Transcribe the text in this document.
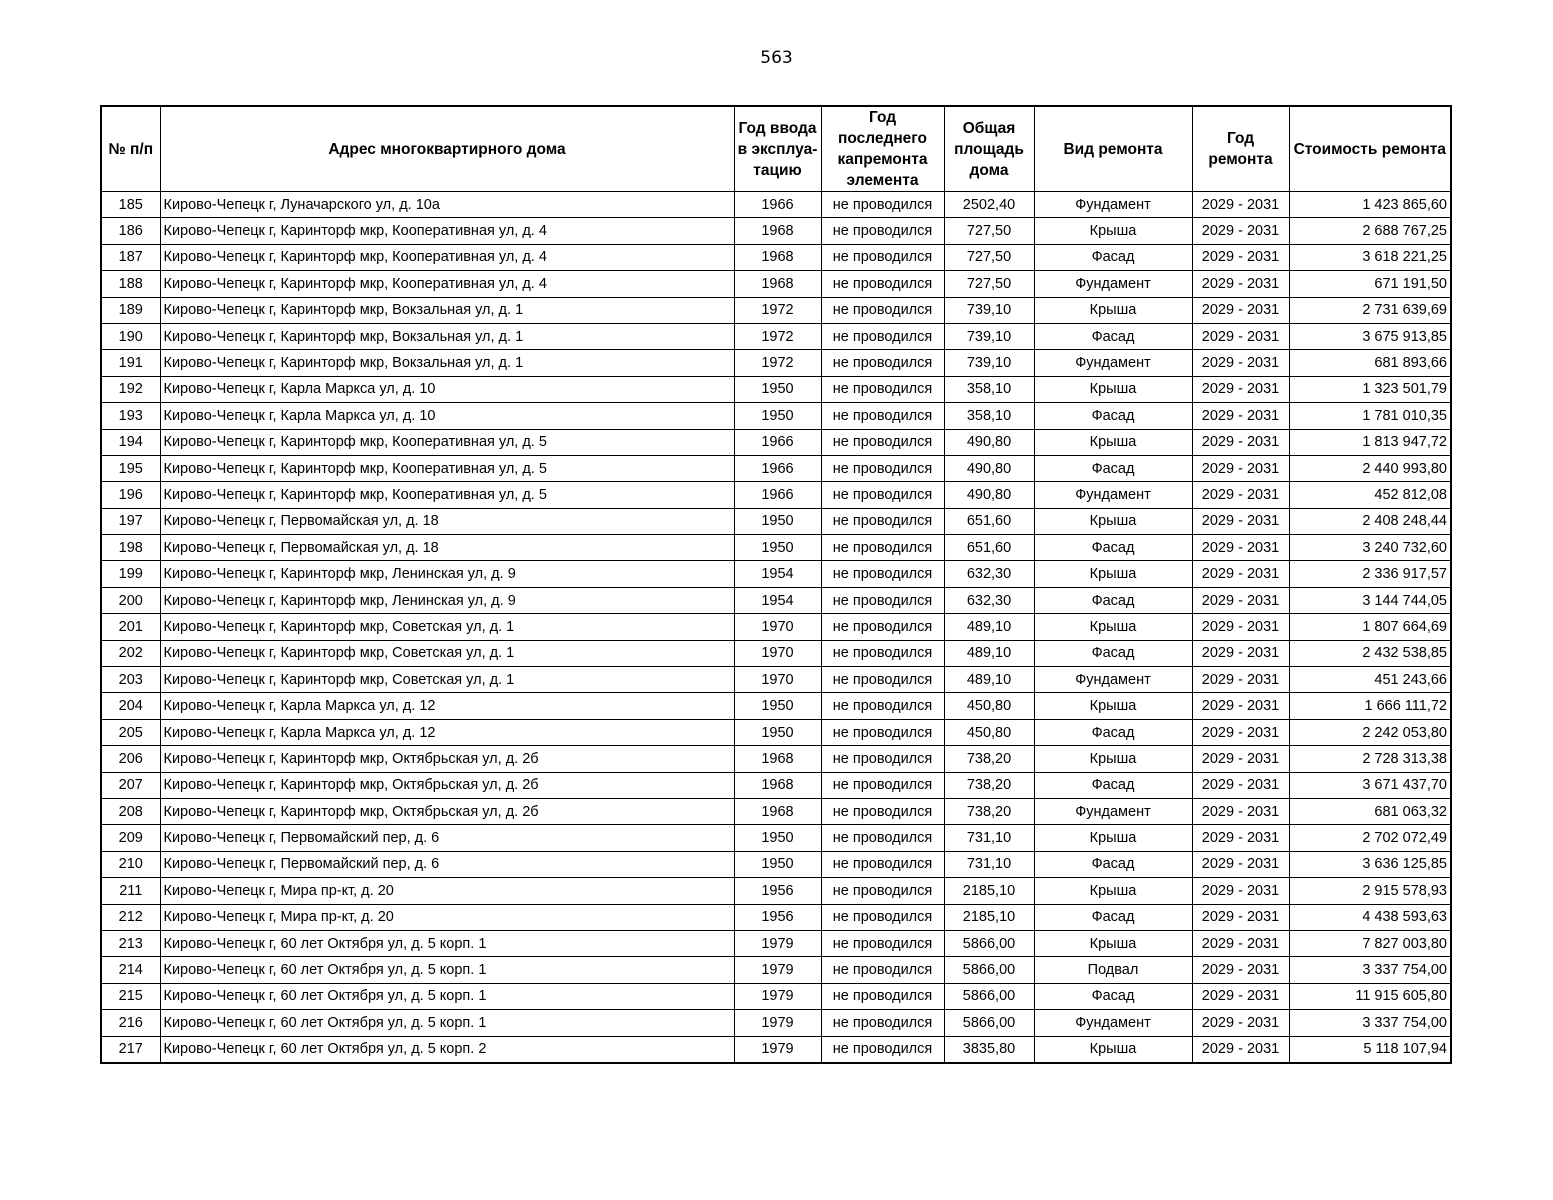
563
№ п/п	Адрес многоквартирного дома	Год ввода в эксплуа-тацию	Год последнего капремонта элемента	Общая площадь дома	Вид ремонта	Год ремонта	Стоимость ремонта
185	Кирово-Чепецк г, Луначарского ул, д. 10а	1966	не проводился	2502,40	Фундамент	2029 - 2031	1 423 865,60
186	Кирово-Чепецк г, Каринторф мкр, Кооперативная ул, д. 4	1968	не проводился	727,50	Крыша	2029 - 2031	2 688 767,25
187	Кирово-Чепецк г, Каринторф мкр, Кооперативная ул, д. 4	1968	не проводился	727,50	Фасад	2029 - 2031	3 618 221,25
188	Кирово-Чепецк г, Каринторф мкр, Кооперативная ул, д. 4	1968	не проводился	727,50	Фундамент	2029 - 2031	671 191,50
189	Кирово-Чепецк г, Каринторф мкр, Вокзальная ул, д. 1	1972	не проводился	739,10	Крыша	2029 - 2031	2 731 639,69
190	Кирово-Чепецк г, Каринторф мкр, Вокзальная ул, д. 1	1972	не проводился	739,10	Фасад	2029 - 2031	3 675 913,85
191	Кирово-Чепецк г, Каринторф мкр, Вокзальная ул, д. 1	1972	не проводился	739,10	Фундамент	2029 - 2031	681 893,66
192	Кирово-Чепецк г, Карла Маркса ул, д. 10	1950	не проводился	358,10	Крыша	2029 - 2031	1 323 501,79
193	Кирово-Чепецк г, Карла Маркса ул, д. 10	1950	не проводился	358,10	Фасад	2029 - 2031	1 781 010,35
194	Кирово-Чепецк г, Каринторф мкр, Кооперативная ул, д. 5	1966	не проводился	490,80	Крыша	2029 - 2031	1 813 947,72
195	Кирово-Чепецк г, Каринторф мкр, Кооперативная ул, д. 5	1966	не проводился	490,80	Фасад	2029 - 2031	2 440 993,80
196	Кирово-Чепецк г, Каринторф мкр, Кооперативная ул, д. 5	1966	не проводился	490,80	Фундамент	2029 - 2031	452 812,08
197	Кирово-Чепецк г, Первомайская ул, д. 18	1950	не проводился	651,60	Крыша	2029 - 2031	2 408 248,44
198	Кирово-Чепецк г, Первомайская ул, д. 18	1950	не проводился	651,60	Фасад	2029 - 2031	3 240 732,60
199	Кирово-Чепецк г, Каринторф мкр, Ленинская ул, д. 9	1954	не проводился	632,30	Крыша	2029 - 2031	2 336 917,57
200	Кирово-Чепецк г, Каринторф мкр, Ленинская ул, д. 9	1954	не проводился	632,30	Фасад	2029 - 2031	3 144 744,05
201	Кирово-Чепецк г, Каринторф мкр, Советская ул, д. 1	1970	не проводился	489,10	Крыша	2029 - 2031	1 807 664,69
202	Кирово-Чепецк г, Каринторф мкр, Советская ул, д. 1	1970	не проводился	489,10	Фасад	2029 - 2031	2 432 538,85
203	Кирово-Чепецк г, Каринторф мкр, Советская ул, д. 1	1970	не проводился	489,10	Фундамент	2029 - 2031	451 243,66
204	Кирово-Чепецк г, Карла Маркса ул, д. 12	1950	не проводился	450,80	Крыша	2029 - 2031	1 666 111,72
205	Кирово-Чепецк г, Карла Маркса ул, д. 12	1950	не проводился	450,80	Фасад	2029 - 2031	2 242 053,80
206	Кирово-Чепецк г, Каринторф мкр, Октябрьская ул, д. 2б	1968	не проводился	738,20	Крыша	2029 - 2031	2 728 313,38
207	Кирово-Чепецк г, Каринторф мкр, Октябрьская ул, д. 2б	1968	не проводился	738,20	Фасад	2029 - 2031	3 671 437,70
208	Кирово-Чепецк г, Каринторф мкр, Октябрьская ул, д. 2б	1968	не проводился	738,20	Фундамент	2029 - 2031	681 063,32
209	Кирово-Чепецк г, Первомайский пер, д. 6	1950	не проводился	731,10	Крыша	2029 - 2031	2 702 072,49
210	Кирово-Чепецк г, Первомайский пер, д. 6	1950	не проводился	731,10	Фасад	2029 - 2031	3 636 125,85
211	Кирово-Чепецк г, Мира пр-кт, д. 20	1956	не проводился	2185,10	Крыша	2029 - 2031	2 915 578,93
212	Кирово-Чепецк г, Мира пр-кт, д. 20	1956	не проводился	2185,10	Фасад	2029 - 2031	4 438 593,63
213	Кирово-Чепецк г, 60 лет Октября ул, д. 5 корп. 1	1979	не проводился	5866,00	Крыша	2029 - 2031	7 827 003,80
214	Кирово-Чепецк г, 60 лет Октября ул, д. 5 корп. 1	1979	не проводился	5866,00	Подвал	2029 - 2031	3 337 754,00
215	Кирово-Чепецк г, 60 лет Октября ул, д. 5 корп. 1	1979	не проводился	5866,00	Фасад	2029 - 2031	11 915 605,80
216	Кирово-Чепецк г, 60 лет Октября ул, д. 5 корп. 1	1979	не проводился	5866,00	Фундамент	2029 - 2031	3 337 754,00
217	Кирово-Чепецк г, 60 лет Октября ул, д. 5 корп. 2	1979	не проводился	3835,80	Крыша	2029 - 2031	5 118 107,94
